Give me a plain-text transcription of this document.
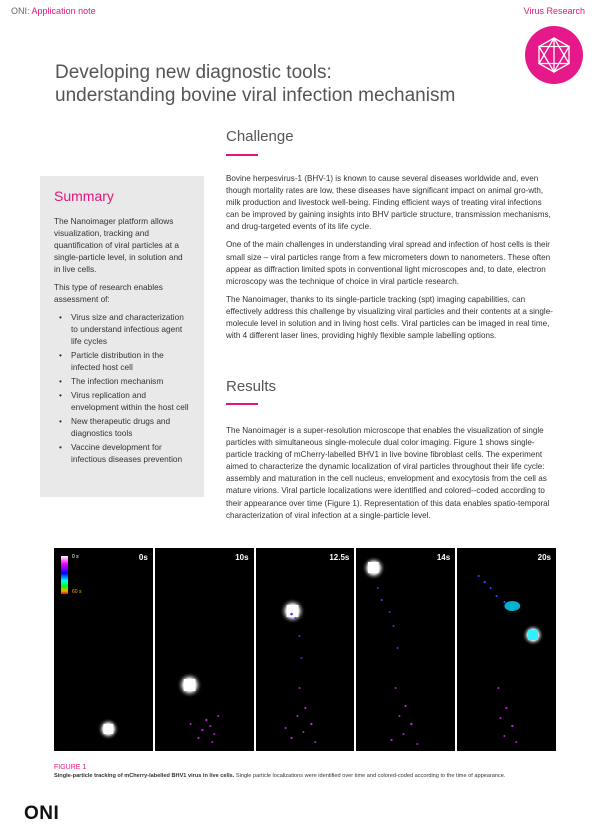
ONI: Application note	Virus Research
Developing new diagnostic tools:
understanding bovine viral infection mechanism
Challenge
Summary

The Nanoimager platform allows visualization, tracking and quantification of viral particles at a single-particle level, in solution and in live cells.

This type of research enables assessment of:

• Virus size and characterization to understand infectious agent life cycles
• Particle distribution in the infected host cell
• The infection mechanism
• Virus replication and envelopment within the host cell
• New therapeutic drugs and diagnostics tools
• Vaccine development for infectious diseases prevention

Bovine herpesvirus-1 (BHV-1) is known to cause several diseases worldwide and, even though mortality rates are low, these diseases have significant impact on animal gro-wth, milk production and livestock well-being. Finding efficient ways of treating viral infections can be improved by gaining insights into BHV particle structure, transmission mechanisms, and drug-targeted events of its life cycle.

One of the main challenges in understanding viral spread and infection of host cells is their small size – viral particles range from a few micrometers down to nanometers. These often appear as diffraction limited spots in conventional light microscopes and, to date, electron microscopy was the technique of choice in viral particle research.

The Nanoimager, thanks to its single-particle tracking (spt) imaging capabilities, can effectively address this challenge by visualizing viral particles and their contents at a single-molecule level in solution and in living host cells. Viral particles can be imaged in real time, with 4 different laser lines, providing highly flexible sample labelling options.

Results

The Nanoimager is a super-resolution microscope that enables the visualization of single particles with simultaneous single-molecule dual color imaging. Figure 1 shows single-particle tracking of mCherry-labelled BHV1 in live bovine fibroblast cells. The experiment aimed to characterize the dynamic localization of viral particles throughout their life cycle: assembly and maturation in the cell nucleus, envelopment and exocytosis from the cell as mature virions. Viral particle localizations were identified and colored--coded according to their appearance over time (Figure 1). Representation of this data enables spatio-temporal characterization of viral infection at a single-particle level.

0 s
60 s
0s	10s	12.5s	14s	20s
FIGURE 1
Single-particle tracking of mCherry-labelled BHV1 virus in live cells. Single particle localizations were identified over time and colored-coded according to the time of appearance.
ONI
